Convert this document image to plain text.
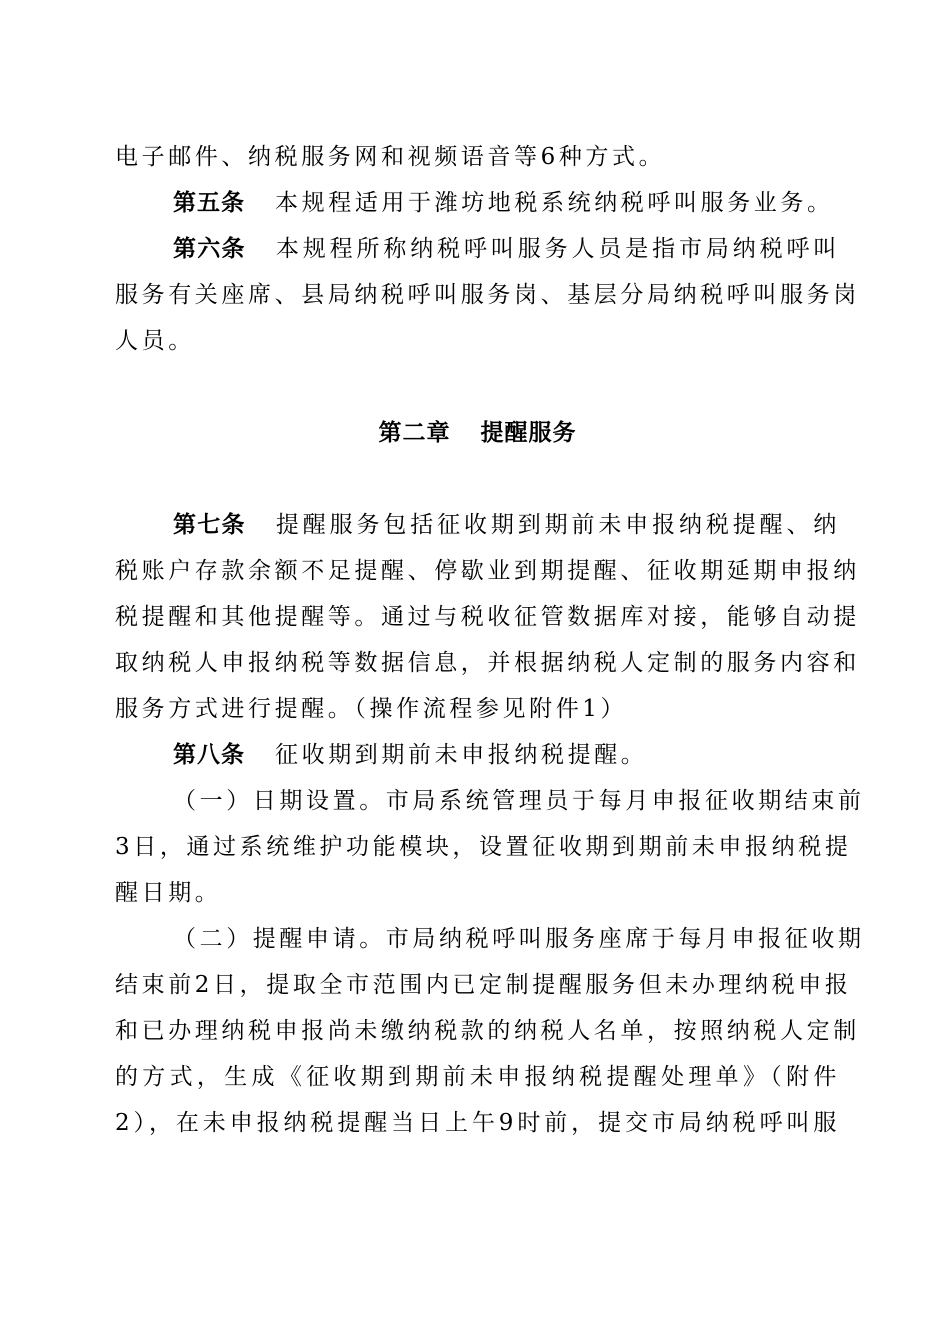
电子邮件、纳税服务网和视频语音等6种方式。
第五条 本规程适用于潍坊地税系统纳税呼叫服务业务。
第六条 本规程所称纳税呼叫服务人员是指市局纳税呼叫
服务有关座席、县局纳税呼叫服务岗、基层分局纳税呼叫服务岗
人员。
第二章 提醒服务
第七条 提醒服务包括征收期到期前未申报纳税提醒、纳
税账户存款余额不足提醒、停歇业到期提醒、征收期延期申报纳
税提醒和其他提醒等。通过与税收征管数据库对接，能够自动提
取纳税人申报纳税等数据信息，并根据纳税人定制的服务内容和
服务方式进行提醒。（操作流程参见附件1）
第八条 征收期到期前未申报纳税提醒。
（一）日期设置。市局系统管理员于每月申报征收期结束前
3日，通过系统维护功能模块，设置征收期到期前未申报纳税提
醒日期。
（二）提醒申请。市局纳税呼叫服务座席于每月申报征收期
结束前2日，提取全市范围内已定制提醒服务但未办理纳税申报
和已办理纳税申报尚未缴纳税款的纳税人名单，按照纳税人定制
的方式，生成《征收期到期前未申报纳税提醒处理单》（附件
2），在未申报纳税提醒当日上午9时前，提交市局纳税呼叫服
